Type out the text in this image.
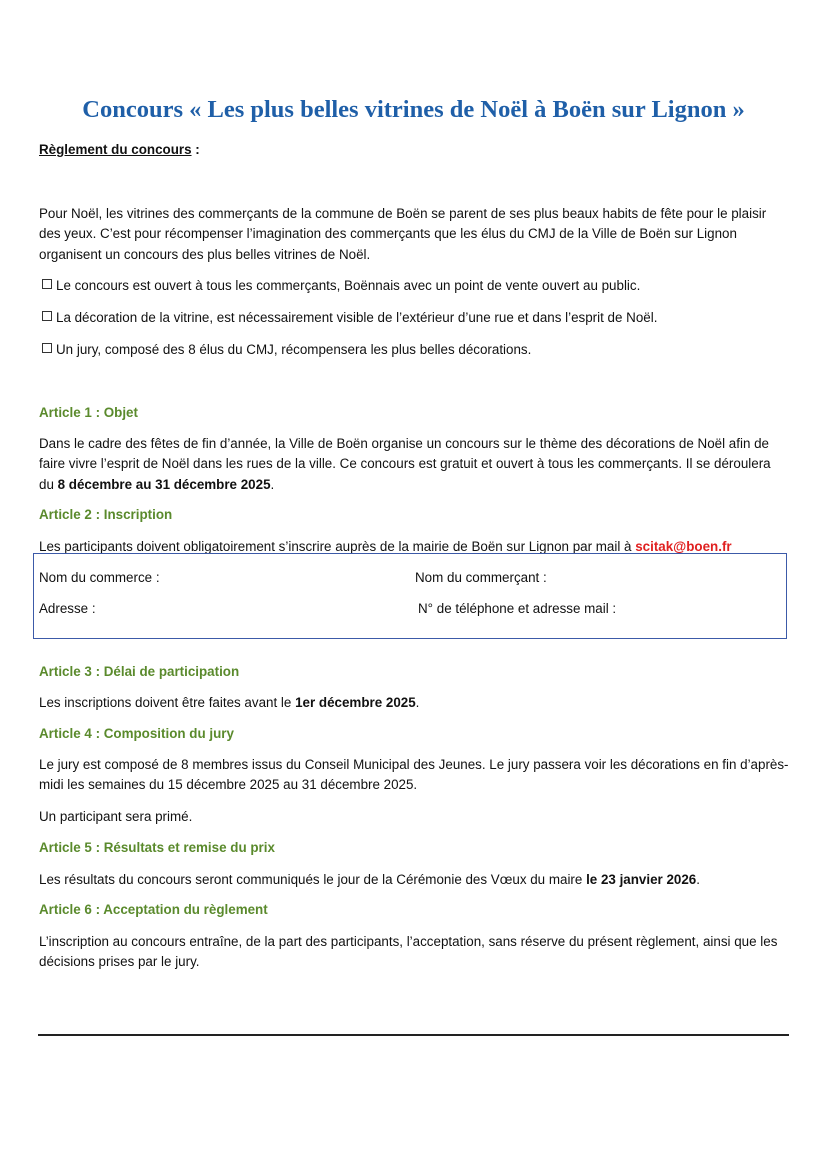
Concours « Les plus belles vitrines de Noël à Boën sur Lignon »
Règlement du concours :

Pour Noël, les vitrines des commerçants de la commune de Boën se parent de ses plus beaux habits de fête pour le plaisir des yeux. C’est pour récompenser l’imagination des commerçants que les élus du CMJ de la Ville de Boën sur Lignon organisent un concours des plus belles vitrines de Noël.

Le concours est ouvert à tous les commerçants, Boënnais avec un point de vente ouvert au public.
La décoration de la vitrine, est nécessairement visible de l’extérieur d’une rue et dans l’esprit de Noël.
Un jury, composé des 8 élus du CMJ, récompensera les plus belles décorations.
Article 1 : Objet

Dans le cadre des fêtes de fin d’année, la Ville de Boën organise un concours sur le thème des décorations de Noël afin de faire vivre l’esprit de Noël dans les rues de la ville. Ce concours est gratuit et ouvert à tous les commerçants. Il se déroulera du 8 décembre au 31 décembre 2025.

Article 2 : Inscription
Les participants doivent obligatoirement s’inscrire auprès de la mairie de Boën sur Lignon par mail à scitak@boen.fr
Nom du commerce :	Nom du commerçant :
Adresse :	N° de téléphone et adresse mail :
Article 3 : Délai de participation
Les inscriptions doivent être faites avant le 1er décembre 2025.
Article 4 : Composition du jury

Le jury est composé de 8 membres issus du Conseil Municipal des Jeunes. Le jury passera voir les décorations en fin d’après-midi les semaines du 15 décembre 2025 au 31 décembre 2025.

Un participant sera primé.
Article 5 : Résultats et remise du prix
Les résultats du concours seront communiqués le jour de la Cérémonie des Vœux du maire le 23 janvier 2026.
Article 6 : Acceptation du règlement

L’inscription au concours entraîne, de la part des participants, l’acceptation, sans réserve du présent règlement, ainsi que les décisions prises par le jury.
